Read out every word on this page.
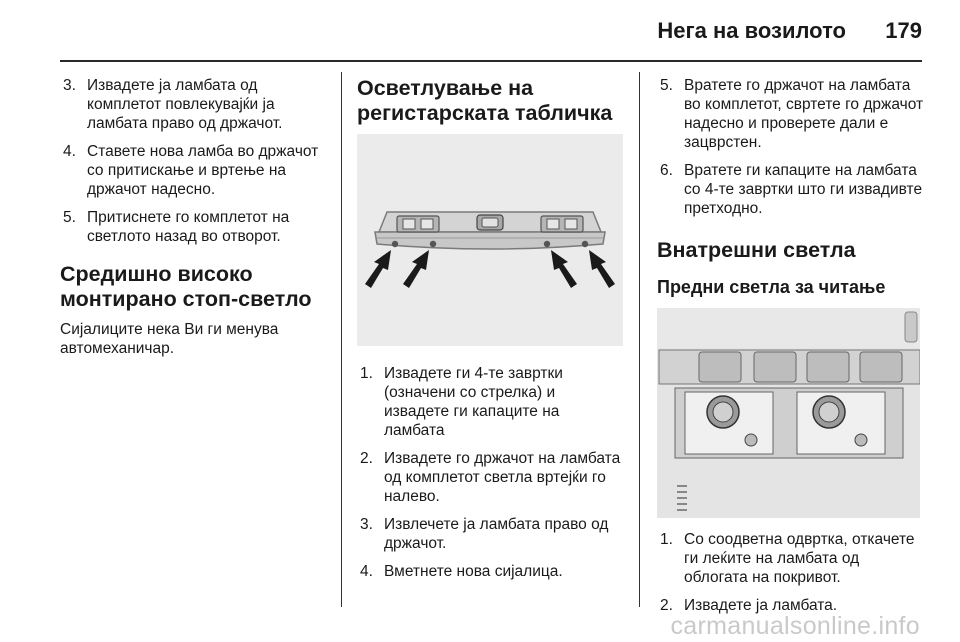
Нега на возилото 179
3. Извадете ја ламбата од комплетот повлекувајќи ја ламбата право од држачот.
4. Ставете нова ламба во држачот со притискање и вртење на држачот надесно.
5. Притиснете го комплетот на светлото назад во отворот.
Средишно високо монтирано стоп-светло

Сијалиците нека Ви ги менува автомеханичар.

Осветлување на регистарската табличка
1. Извадете ги 4-те завртки (означени со стрелка) и извадете ги капаците на ламбата
2. Извадете го држачот на ламбата од комплетот светла вртејќи го налево.
3. Извлечете ја ламбата право од држачот.
4. Вметнете нова сијалица.
5. Вратете го држачот на ламбата во комплетот, свртете го држачот надесно и проверете дали е зацврстен.
6. Вратете ги капаците на ламбата со 4-те завртки што ги извадивте претходно.
Внатрешни светла
Предни светла за читање
1. Со соодветна одвртка, откачете ги леќите на ламбата од облогата на покривот.
2. Извадете ја ламбата.
carmanualsonline.info
